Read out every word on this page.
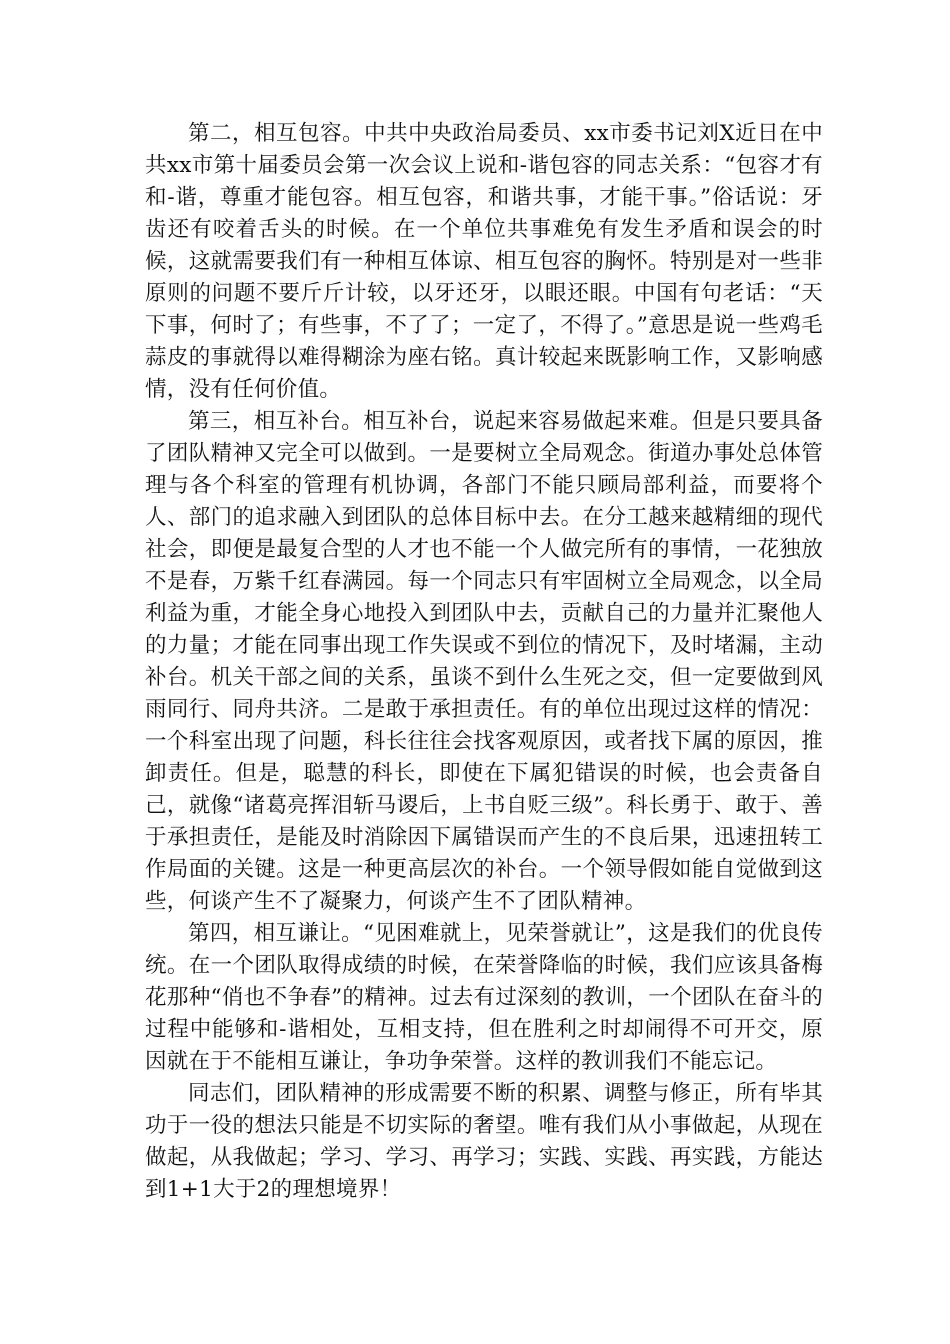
第二，相互包容。中共中央政治局委员、xx市委书记刘X近日在中共xx市第十届委员会第一次会议上说和-谐包容的同志关系：“包容才有和-谐，尊重才能包容。相互包容，和谐共事，才能干事。”俗话说：牙齿还有咬着舌头的时候。在一个单位共事难免有发生矛盾和误会的时候，这就需要我们有一种相互体谅、相互包容的胸怀。特别是对一些非原则的问题不要斤斤计较，以牙还牙，以眼还眼。中国有句老话：“天下事，何时了；有些事，不了了；一定了，不得了。”意思是说一些鸡毛蒜皮的事就得以难得糊涂为座右铭。真计较起来既影响工作，又影响感情，没有任何价值。

第三，相互补台。相互补台，说起来容易做起来难。但是只要具备了团队精神又完全可以做到。一是要树立全局观念。街道办事处总体管理与各个科室的管理有机协调，各部门不能只顾局部利益，而要将个人、部门的追求融入到团队的总体目标中去。在分工越来越精细的现代社会，即便是最复合型的人才也不能一个人做完所有的事情，一花独放不是春，万紫千红春满园。每一个同志只有牢固树立全局观念，以全局利益为重，才能全身心地投入到团队中去，贡献自己的力量并汇聚他人的力量；才能在同事出现工作失误或不到位的情况下，及时堵漏，主动补台。机关干部之间的关系，虽谈不到什么生死之交，但一定要做到风雨同行、同舟共济。二是敢于承担责任。有的单位出现过这样的情况：一个科室出现了问题，科长往往会找客观原因，或者找下属的原因，推卸责任。但是，聪慧的科长，即使在下属犯错误的时候，也会责备自己，就像“诸葛亮挥泪斩马谡后，上书自贬三级”。科长勇于、敢于、善于承担责任，是能及时消除因下属错误而产生的不良后果，迅速扭转工作局面的关键。这是一种更高层次的补台。一个领导假如能自觉做到这些，何谈产生不了凝聚力，何谈产生不了团队精神。

第四，相互谦让。“见困难就上，见荣誉就让”，这是我们的优良传统。在一个团队取得成绩的时候，在荣誉降临的时候，我们应该具备梅花那种“俏也不争春”的精神。过去有过深刻的教训，一个团队在奋斗的过程中能够和-谐相处，互相支持，但在胜利之时却闹得不可开交，原因就在于不能相互谦让，争功争荣誉。这样的教训我们不能忘记。

同志们，团队精神的形成需要不断的积累、调整与修正，所有毕其功于一役的想法只能是不切实际的奢望。唯有我们从小事做起，从现在做起，从我做起；学习、学习、再学习；实践、实践、再实践，方能达到1+1大于2的理想境界！
